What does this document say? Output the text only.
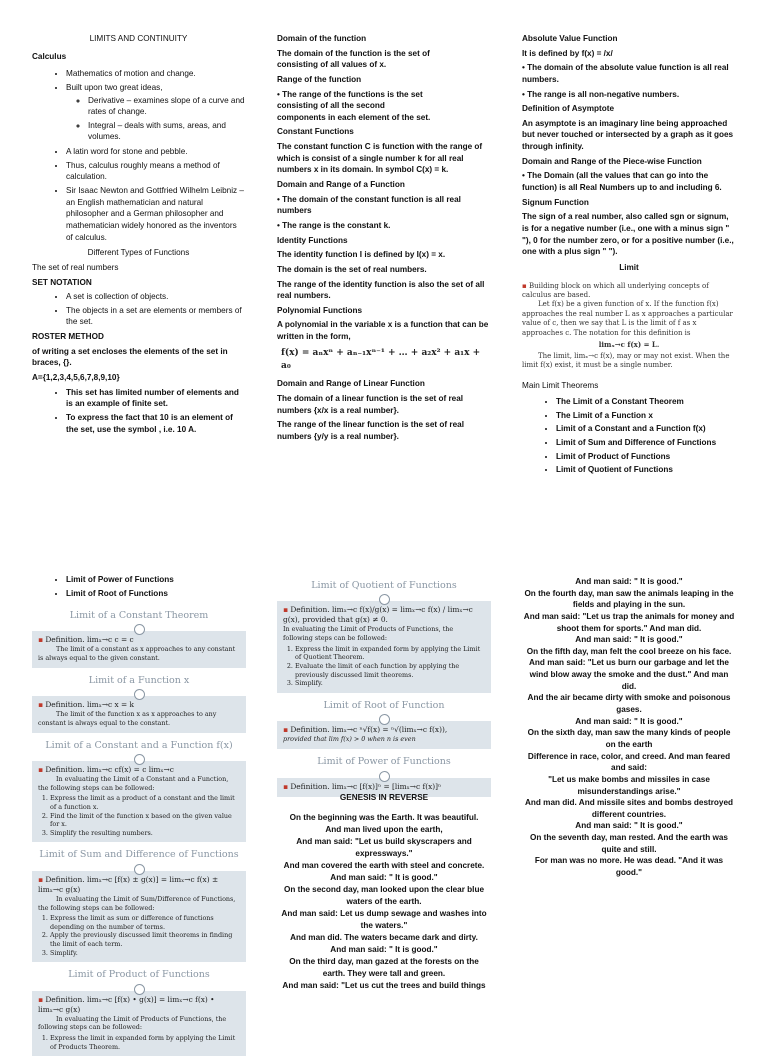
LIMITS AND CONTINUITY

Calculus

• Mathematics of motion and change.
• Built upon two great ideas,
◦ Derivative – examines slope of a curve and rates of change.
◦ Integral – deals with sums, areas, and volumes.
• A latin word for stone and pebble.
• Thus, calculus roughly means a method of calculation.
• Sir Isaac Newton and Gottfried Wilhelm Leibniz – an English mathematician and natural philosopher and a German philosopher and mathematician widely honored as the inventors of calculus.

Different Types of Functions

The set of real numbers

SET NOTATION

• A set is collection of objects.
• The objects in a set are elements or members of the set.

ROSTER METHOD

of writing a set encloses the elements of the set in braces, {}.

A={1,2,3,4,5,6,7,8,9,10}

• This set has limited number of elements and is an example of finite set.
• To express the fact that 10 is an element of the set, use the symbol , i.e. 10 A.

Domain of the function

The domain of the function is the set of

consisting of all values of x.

Range of the function

• The range of the functions is the set

consisting of all the second

components in each element of the set.

Constant Functions

The constant function C is function with the range of which is consist of a single number k for all real numbers x in its domain. In symbol C(x) = k.

Domain and Range of a Function

• The domain of the constant function is all real numbers

• The range is the constant k.

Identity Functions

The identity function I is defined by I(x) = x.

The domain is the set of real numbers.

The range of the identity function is also the set of all real numbers.

Polynomial Functions

A polynomial in the variable x is a function that can be written in the form,

f(x) = aₙxⁿ + aₙ₋₁xⁿ⁻¹ + … + a₂x² + a₁x + a₀

Domain and Range of Linear Function

The domain of a linear function is the set of real numbers {x/x is a real number}.

The range of the linear function is the set of real numbers {y/y is a real number}.

Absolute Value Function

It is defined by f(x) = /x/

• The domain of the absolute value function is all real numbers.

• The range is all non-negative numbers.

Definition of Asymptote

An asymptote is an imaginary line being approached but never touched or intersected by a graph as it goes through infinity.

Domain and Range of the Piece-wise Function

• The Domain (all the values that can go into the function) is all Real Numbers up to and including 6.

Signum Function

The sign of a real number, also called sgn or signum, is for a negative number (i.e., one with a minus sign " "), 0 for the number zero, or for a positive number (i.e., one with a plus sign " ").

Limit

▪ Building block on which all underlying concepts of calculus are based.
Let f(x) be a given function of x. If the function f(x) approaches the real number L as x approaches a particular value of c, then we say that L is the limit of f as x approaches c. The notation for this definition is
limₓ→c f(x) = L.
The limit, limₓ→c f(x), may or may not exist. When the limit f(x) exist, it must be a single number.

Main Limit Theorems

• The Limit of a Constant Theorem
• The Limit of a Function x
• Limit of a Constant and a Function f(x)
• Limit of Sum and Difference of Functions
• Limit of Product of Functions
• Limit of Quotient of Functions
• Limit of Power of Functions
• Limit of Root of Functions
Limit of a Constant Theorem
▪ Definition. limₓ→c c = c
The limit of a constant as x approaches to any constant is always equal to the given constant.
Limit of a Function x
▪ Definition. limₓ→c x = k
The limit of the function x as x approaches to any constant is always equal to the constant.
Limit of a Constant and a Function f(x)
▪ Definition. limₓ→c cf(x) = c limₓ→c
In evaluating the Limit of a Constant and a Function, the following steps can be followed:
1. Express the limit as a product of a constant and the limit of a function x.
2. Find the limit of the function x based on the given value for x.
3. Simplify the resulting numbers.
Limit of Sum and Difference of Functions
▪ Definition. limₓ→c [f(x) ± g(x)] = limₓ→c f(x) ± limₓ→c g(x)
In evaluating the Limit of Sum/Difference of Functions, the following steps can be followed:
1. Express the limit as sum or difference of functions depending on the number of terms.
2. Apply the previously discussed limit theorems in finding the limit of each term.
3. Simplify.
Limit of Product of Functions
▪ Definition. limₓ→c [f(x) • g(x)] = limₓ→c f(x) • limₓ→c g(x)
In evaluating the Limit of Products of Functions, the following steps can be followed:
1. Express the limit in expanded form by applying the Limit of Products Theorem.
Limit of Quotient of Functions
▪ Definition. limₓ→c f(x)/g(x) = limₓ→c f(x) / limₓ→c g(x), provided that g(x) ≠ 0.
In evaluating the Limit of Products of Functions, the following steps can be followed:
1. Express the limit in expanded form by applying the Limit of Quotient Theorem.
2. Evaluate the limit of each function by applying the previously discussed limit theorems.
3. Simplify.
Limit of Root of Function
▪ Definition. limₓ→c ⁿ√f(x) = ⁿ√(limₓ→c f(x)),
provided that lim f(x) > 0 when n is even
Limit of Power of Functions
▪ Definition. limₓ→c [f(x)]ⁿ = [limₓ→c f(x)]ⁿ

GENESIS IN REVERSE

On the beginning was the Earth. It was beautiful.
And man lived upon the earth,
And man said: "Let us build skyscrapers and expressways."
And man covered the earth with steel and concrete.
And man said: " It is good."
On the second day, man looked upon the clear blue waters of the earth.
And man said: Let us dump sewage and washes into the waters."
And man did. The waters became dark and dirty.
And man said: " It is good."
On the third day, man gazed at the forests on the earth. They were tall and green.
And man said: "Let us cut the trees and build things
And man said: " It is good."
On the fourth day, man saw the animals leaping in the fields and playing in the sun.
And man said: "Let us trap the animals for money and shoot them for sports." And man did.
And man said: " It is good."
On the fifth day, man felt the cool breeze on his face.
And man said: "Let us burn our garbage and let the wind blow away the smoke and the dust." And man did.
And the air became dirty with smoke and poisonous gases.
And man said: " It is good."
On the sixth day, man saw the many kinds of people on the earth
Difference in race, color, and creed. And man feared and said:
"Let us make bombs and missiles in case misunderstandings arise."
And man did. And missile sites and bombs destroyed different countries.
And man said: " It is good."
On the seventh day, man rested. And the earth was quite and still.
For man was no more. He was dead. "And it was good."
